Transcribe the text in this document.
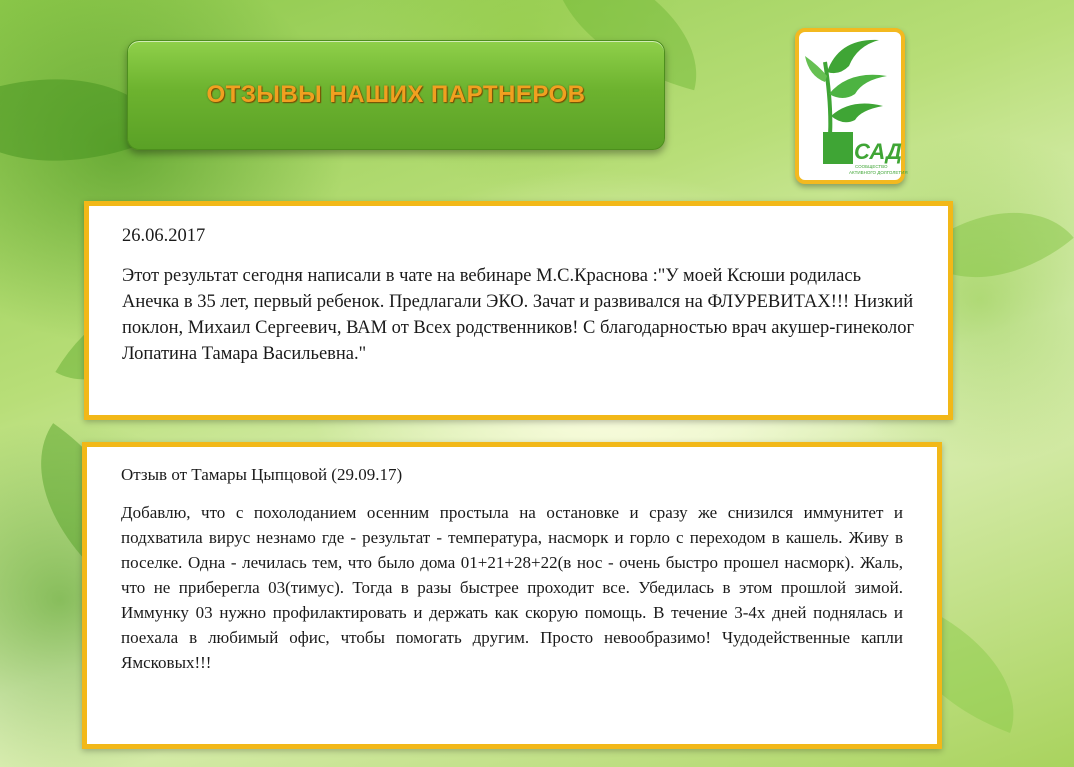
ОТЗЫВЫ НАШИХ ПАРТНЕРОВ
САД
СООБЩЕСТВО
АКТИВНОГО ДОЛГОЛЕТИЯ
26.06.2017
Этот результат сегодня написали в чате на вебинаре М.С.Краснова :"У моей Ксюши родилась Анечка в 35 лет, первый ребенок. Предлагали ЭКО. Зачат и развивался на ФЛУРЕВИТАХ!!! Низкий поклон, Михаил Сергеевич, ВАМ от Всех родственников! С благодарностью врач акушер-гинеколог Лопатина Тамара Васильевна."
Отзыв от Тамары Цыпцовой (29.09.17)
Добавлю, что с похолоданием осенним простыла на остановке и сразу же снизился иммунитет и подхватила вирус незнамо где - результат - температура, насморк и горло с переходом в кашель. Живу в поселке. Одна - лечилась тем, что было дома 01+21+28+22(в нос - очень быстро прошел насморк). Жаль, что не приберегла 03(тимус). Тогда в разы быстрее проходит все. Убедилась в этом прошлой зимой. Иммунку 03 нужно профилактировать и держать как скорую помощь. В течение 3-4х дней поднялась и поехала в любимый офис, чтобы помогать другим. Просто невообразимо! Чудодейственные капли Ямсковых!!!
